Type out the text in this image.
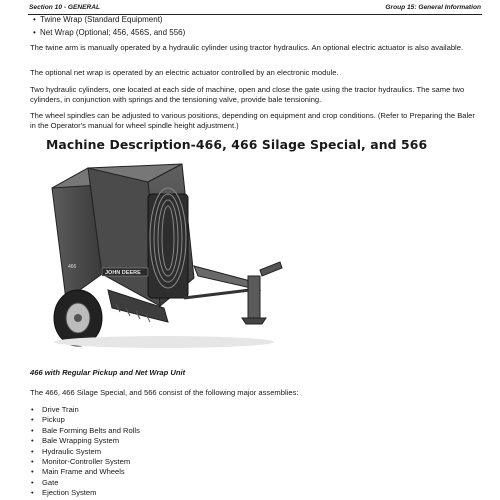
Section 10 - GENERAL	Group 15: General Information
• Twine Wrap (Standard Equipment)
• Net Wrap (Optional; 456, 456S, and 556)
The twine arm is manually operated by a hydraulic cylinder using tractor hydraulics. An optional electric actuator is also available.
The optional net wrap is operated by an electric actuator controlled by an electronic module.
Two hydraulic cylinders, one located at each side of machine, open and close the gate using the tractor hydraulics. The same two cylinders, in conjunction with springs and the tensioning valve, provide bale tensioning.
The wheel spindles can be adjusted to various positions, depending on equipment and crop conditions. (Refer to Preparing the Baler in the Operator's manual for wheel spindle height adjustment.)
Machine Description-466, 466 Silage Special, and 566
JOHN DEERE
466
466 with Regular Pickup and Net Wrap Unit
The 466, 466 Silage Special, and 566 consist of the following major assemblies:
• Drive Train
• Pickup
• Bale Forming Belts and Rolls
• Bale Wrapping System
• Hydraulic System
• Monitor-Controller System
• Main Frame and Wheels
• Gate
• Ejection System
